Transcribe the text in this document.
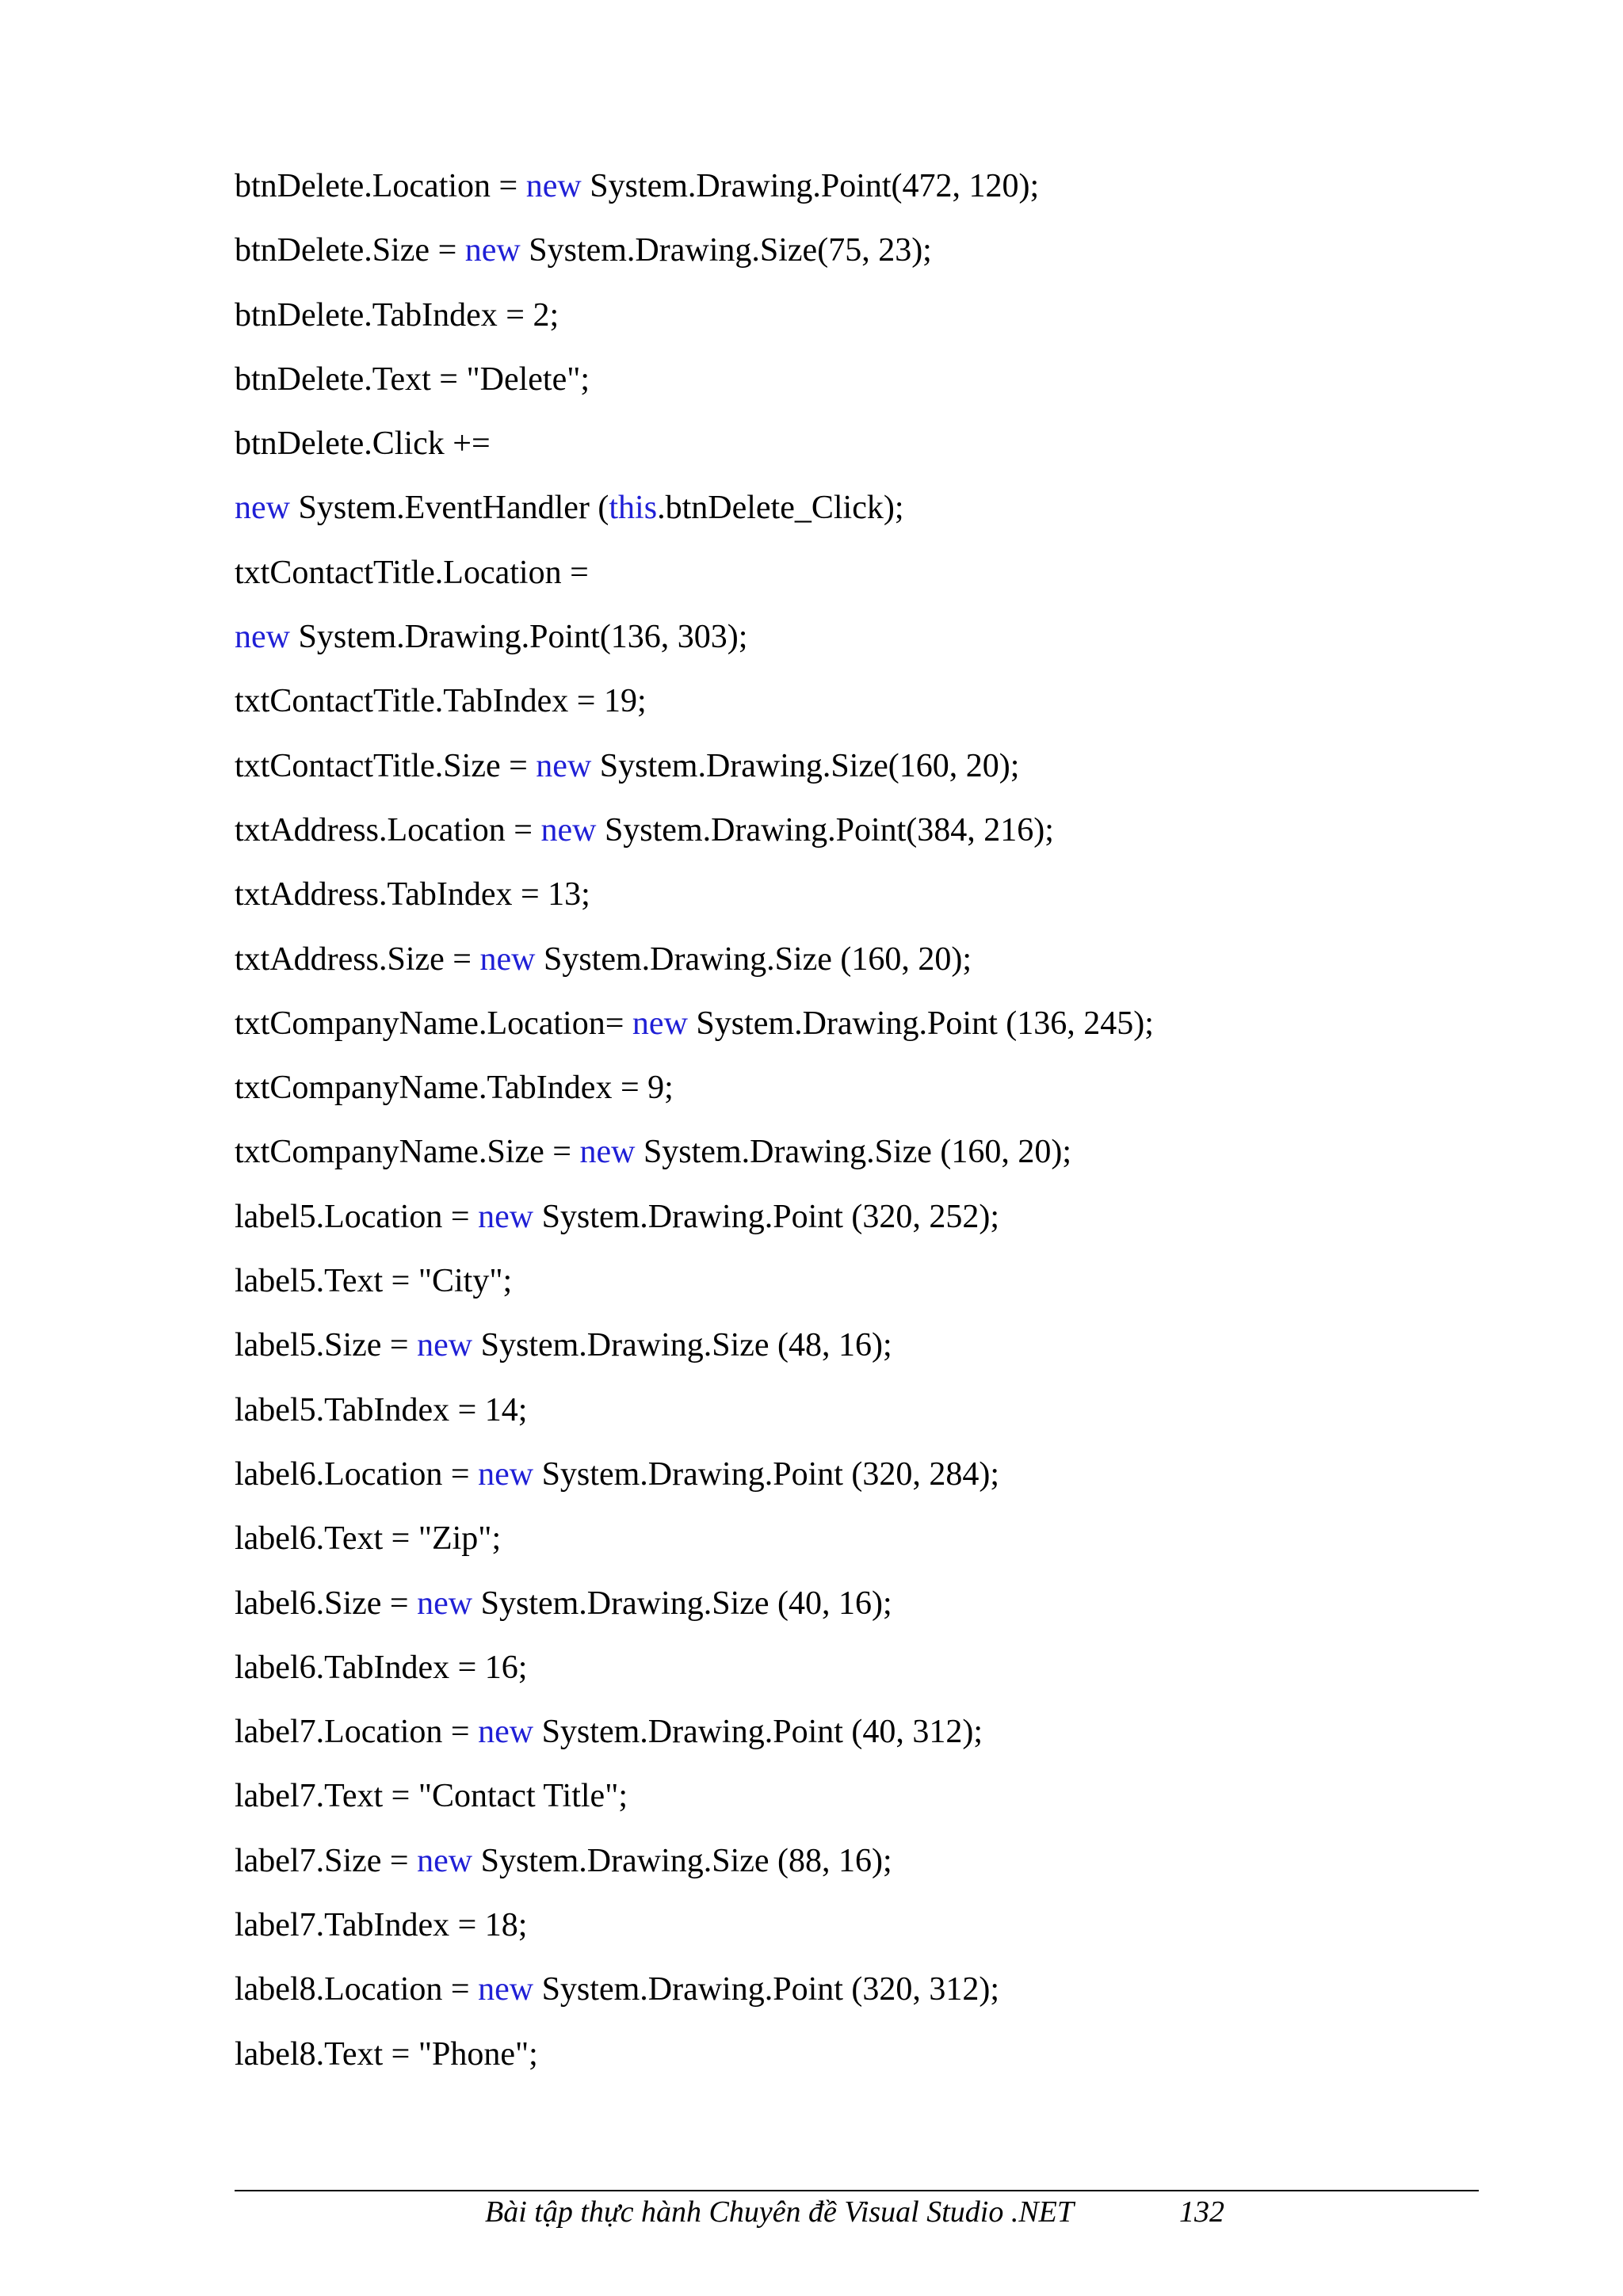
btnDelete.Location = new System.Drawing.Point(472, 120);
btnDelete.Size = new System.Drawing.Size(75, 23);
btnDelete.TabIndex = 2;
btnDelete.Text = "Delete";
btnDelete.Click +=
new System.EventHandler (this.btnDelete_Click);
txtContactTitle.Location =
new System.Drawing.Point(136, 303);
txtContactTitle.TabIndex = 19;
txtContactTitle.Size = new System.Drawing.Size(160, 20);
txtAddress.Location = new System.Drawing.Point(384, 216);
txtAddress.TabIndex = 13;
txtAddress.Size = new System.Drawing.Size (160, 20);
txtCompanyName.Location= new System.Drawing.Point (136, 245);
txtCompanyName.TabIndex = 9;
txtCompanyName.Size = new System.Drawing.Size (160, 20);
label5.Location = new System.Drawing.Point (320, 252);
label5.Text = "City";
label5.Size = new System.Drawing.Size (48, 16);
label5.TabIndex = 14;
label6.Location = new System.Drawing.Point (320, 284);
label6.Text = "Zip";
label6.Size = new System.Drawing.Size (40, 16);
label6.TabIndex = 16;
label7.Location = new System.Drawing.Point (40, 312);
label7.Text = "Contact Title";
label7.Size = new System.Drawing.Size (88, 16);
label7.TabIndex = 18;
label8.Location = new System.Drawing.Point (320, 312);
label8.Text = "Phone";
Bài tập thực hành Chuyên đề Visual Studio .NET	132
